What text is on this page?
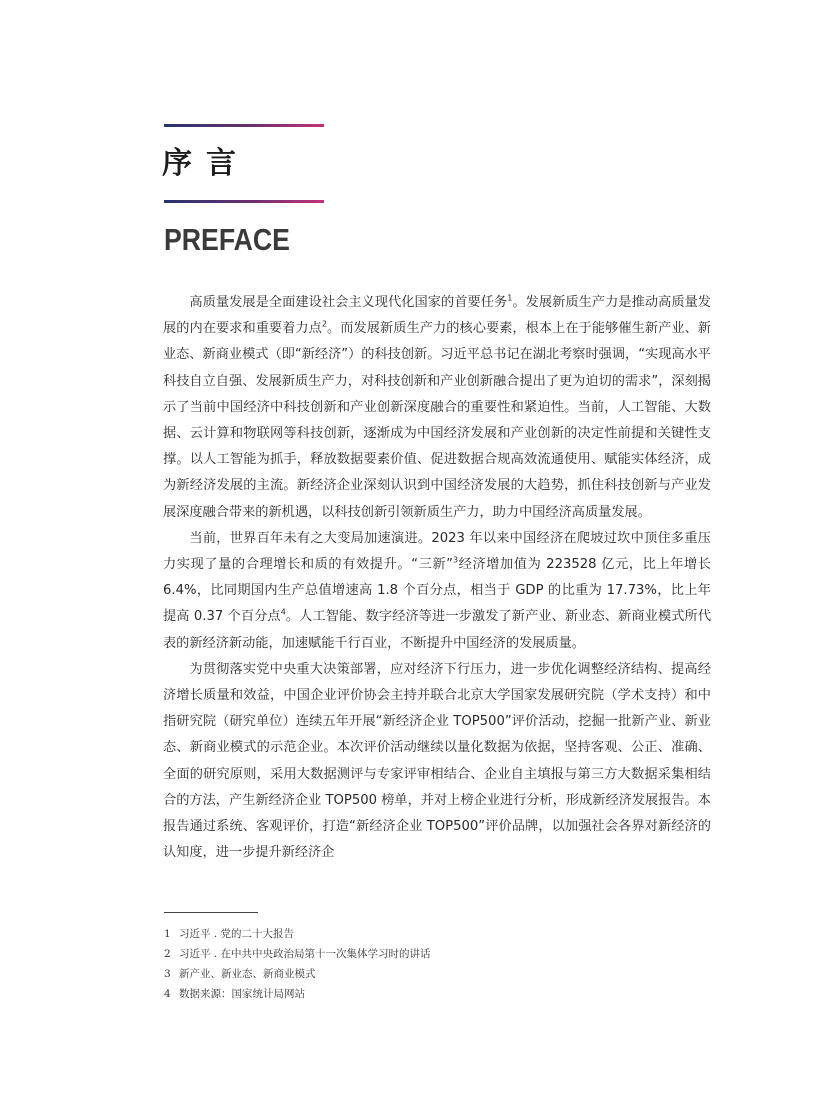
序言
PREFACE

高质量发展是全面建设社会主义现代化国家的首要任务$^1$。发展新质生产力是推动高质量发展的内在要求和重要着力点$^2$。而发展新质生产力的核心要素，根本上在于能够催生新产业、新业态、新商业模式（即“新经济”）的科技创新。习近平总书记在湖北考察时强调，“实现高水平科技自立自强、发展新质生产力，对科技创新和产业创新融合提出了更为迫切的需求”，深刻揭示了当前中国经济中科技创新和产业创新深度融合的重要性和紧迫性。当前，人工智能、大数据、云计算和物联网等科技创新，逐渐成为中国经济发展和产业创新的决定性前提和关键性支撑。以人工智能为抓手，释放数据要素价值、促进数据合规高效流通使用、赋能实体经济，成为新经济发展的主流。新经济企业深刻认识到中国经济发展的大趋势，抓住科技创新与产业发展深度融合带来的新机遇，以科技创新引领新质生产力，助力中国经济高质量发展。

当前，世界百年未有之大变局加速演进。2023 年以来中国经济在爬坡过坎中顶住多重压力实现了量的合理增长和质的有效提升。“三新”$^3$经济增加值为 223528 亿元，比上年增长 6.4%，比同期国内生产总值增速高 1.8 个百分点，相当于 GDP 的比重为 17.73%，比上年提高 0.37 个百分点$^4$。人工智能、数字经济等进一步激发了新产业、新业态、新商业模式所代表的新经济新动能，加速赋能千行百业，不断提升中国经济的发展质量。

为贯彻落实党中央重大决策部署，应对经济下行压力，进一步优化调整经济结构、提高经济增长质量和效益，中国企业评价协会主持并联合北京大学国家发展研究院（学术支持）和中指研究院（研究单位）连续五年开展“新经济企业 TOP500”评价活动，挖掘一批新产业、新业态、新商业模式的示范企业。本次评价活动继续以量化数据为依据，坚持客观、公正、准确、全面的研究原则，采用大数据测评与专家评审相结合、企业自主填报与第三方大数据采集相结合的方法，产生新经济企业 TOP500 榜单，并对上榜企业进行分析，形成新经济发展报告。本报告通过系统、客观评价，打造“新经济企业 TOP500”评价品牌，以加强社会各界对新经济的认知度，进一步提升新经济企

1 习近平 . 党的二十大报告
2 习近平 . 在中共中央政治局第十一次集体学习时的讲话
3 新产业、新业态、新商业模式
4 数据来源：国家统计局网站
